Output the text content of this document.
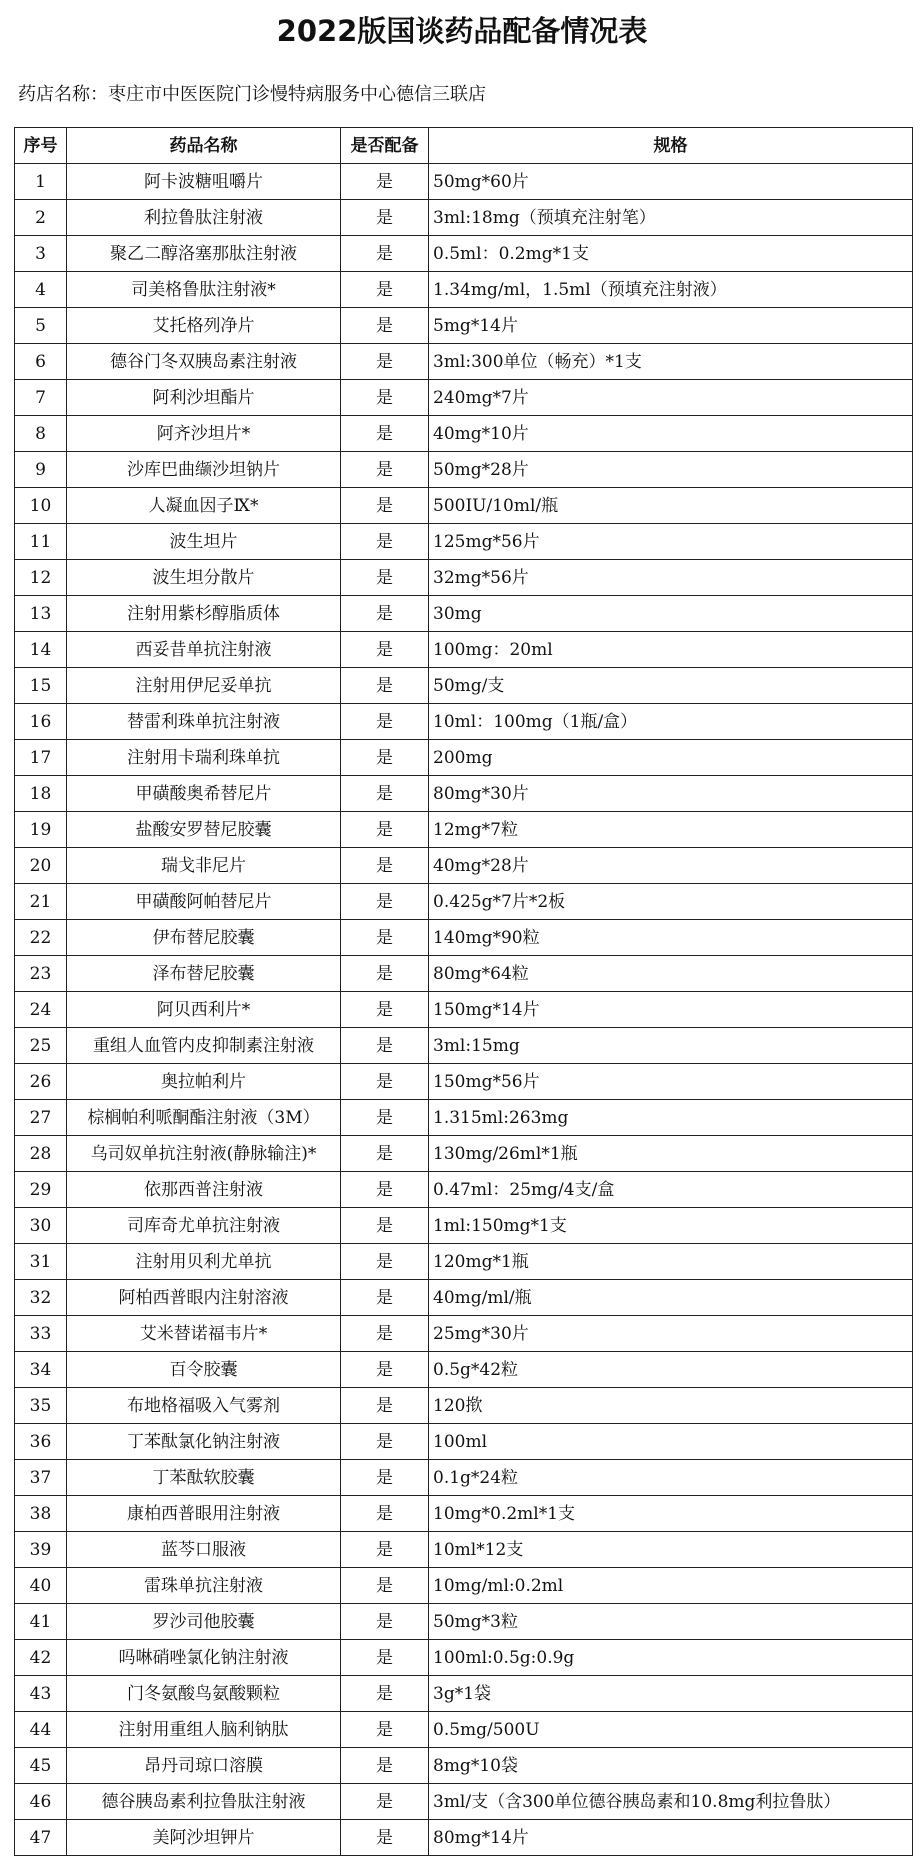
2022版国谈药品配备情况表
药店名称：枣庄市中医医院门诊慢特病服务中心德信三联店
序号	药品名称	是否配备	规格
1	阿卡波糖咀嚼片	是	50mg*60片
2	利拉鲁肽注射液	是	3ml:18mg（预填充注射笔）
3	聚乙二醇洛塞那肽注射液	是	0.5ml：0.2mg*1支
4	司美格鲁肽注射液*	是	1.34mg/ml，1.5ml（预填充注射液）
5	艾托格列净片	是	5mg*14片
6	德谷门冬双胰岛素注射液	是	3ml:300单位（畅充）*1支
7	阿利沙坦酯片	是	240mg*7片
8	阿齐沙坦片*	是	40mg*10片
9	沙库巴曲缬沙坦钠片	是	50mg*28片
10	人凝血因子Ⅸ*	是	500IU/10ml/瓶
11	波生坦片	是	125mg*56片
12	波生坦分散片	是	32mg*56片
13	注射用紫杉醇脂质体	是	30mg
14	西妥昔单抗注射液	是	100mg：20ml
15	注射用伊尼妥单抗	是	50mg/支
16	替雷利珠单抗注射液	是	10ml：100mg（1瓶/盒）
17	注射用卡瑞利珠单抗	是	200mg
18	甲磺酸奥希替尼片	是	80mg*30片
19	盐酸安罗替尼胶囊	是	12mg*7粒
20	瑞戈非尼片	是	40mg*28片
21	甲磺酸阿帕替尼片	是	0.425g*7片*2板
22	伊布替尼胶囊	是	140mg*90粒
23	泽布替尼胶囊	是	80mg*64粒
24	阿贝西利片*	是	150mg*14片
25	重组人血管内皮抑制素注射液	是	3ml:15mg
26	奥拉帕利片	是	150mg*56片
27	棕榈帕利哌酮酯注射液（3M）	是	1.315ml:263mg
28	乌司奴单抗注射液(静脉输注)*	是	130mg/26ml*1瓶
29	依那西普注射液	是	0.47ml：25mg/4支/盒
30	司库奇尤单抗注射液	是	1ml:150mg*1支
31	注射用贝利尤单抗	是	120mg*1瓶
32	阿柏西普眼内注射溶液	是	40mg/ml/瓶
33	艾米替诺福韦片*	是	25mg*30片
34	百令胶囊	是	0.5g*42粒
35	布地格福吸入气雾剂	是	120揿
36	丁苯酞氯化钠注射液	是	100ml
37	丁苯酞软胶囊	是	0.1g*24粒
38	康柏西普眼用注射液	是	10mg*0.2ml*1支
39	蓝芩口服液	是	10ml*12支
40	雷珠单抗注射液	是	10mg/ml:0.2ml
41	罗沙司他胶囊	是	50mg*3粒
42	吗啉硝唑氯化钠注射液	是	100ml:0.5g:0.9g
43	门冬氨酸鸟氨酸颗粒	是	3g*1袋
44	注射用重组人脑利钠肽	是	0.5mg/500U
45	昂丹司琼口溶膜	是	8mg*10袋
46	德谷胰岛素利拉鲁肽注射液	是	3ml/支（含300单位德谷胰岛素和10.8mg利拉鲁肽）
47	美阿沙坦钾片	是	80mg*14片
